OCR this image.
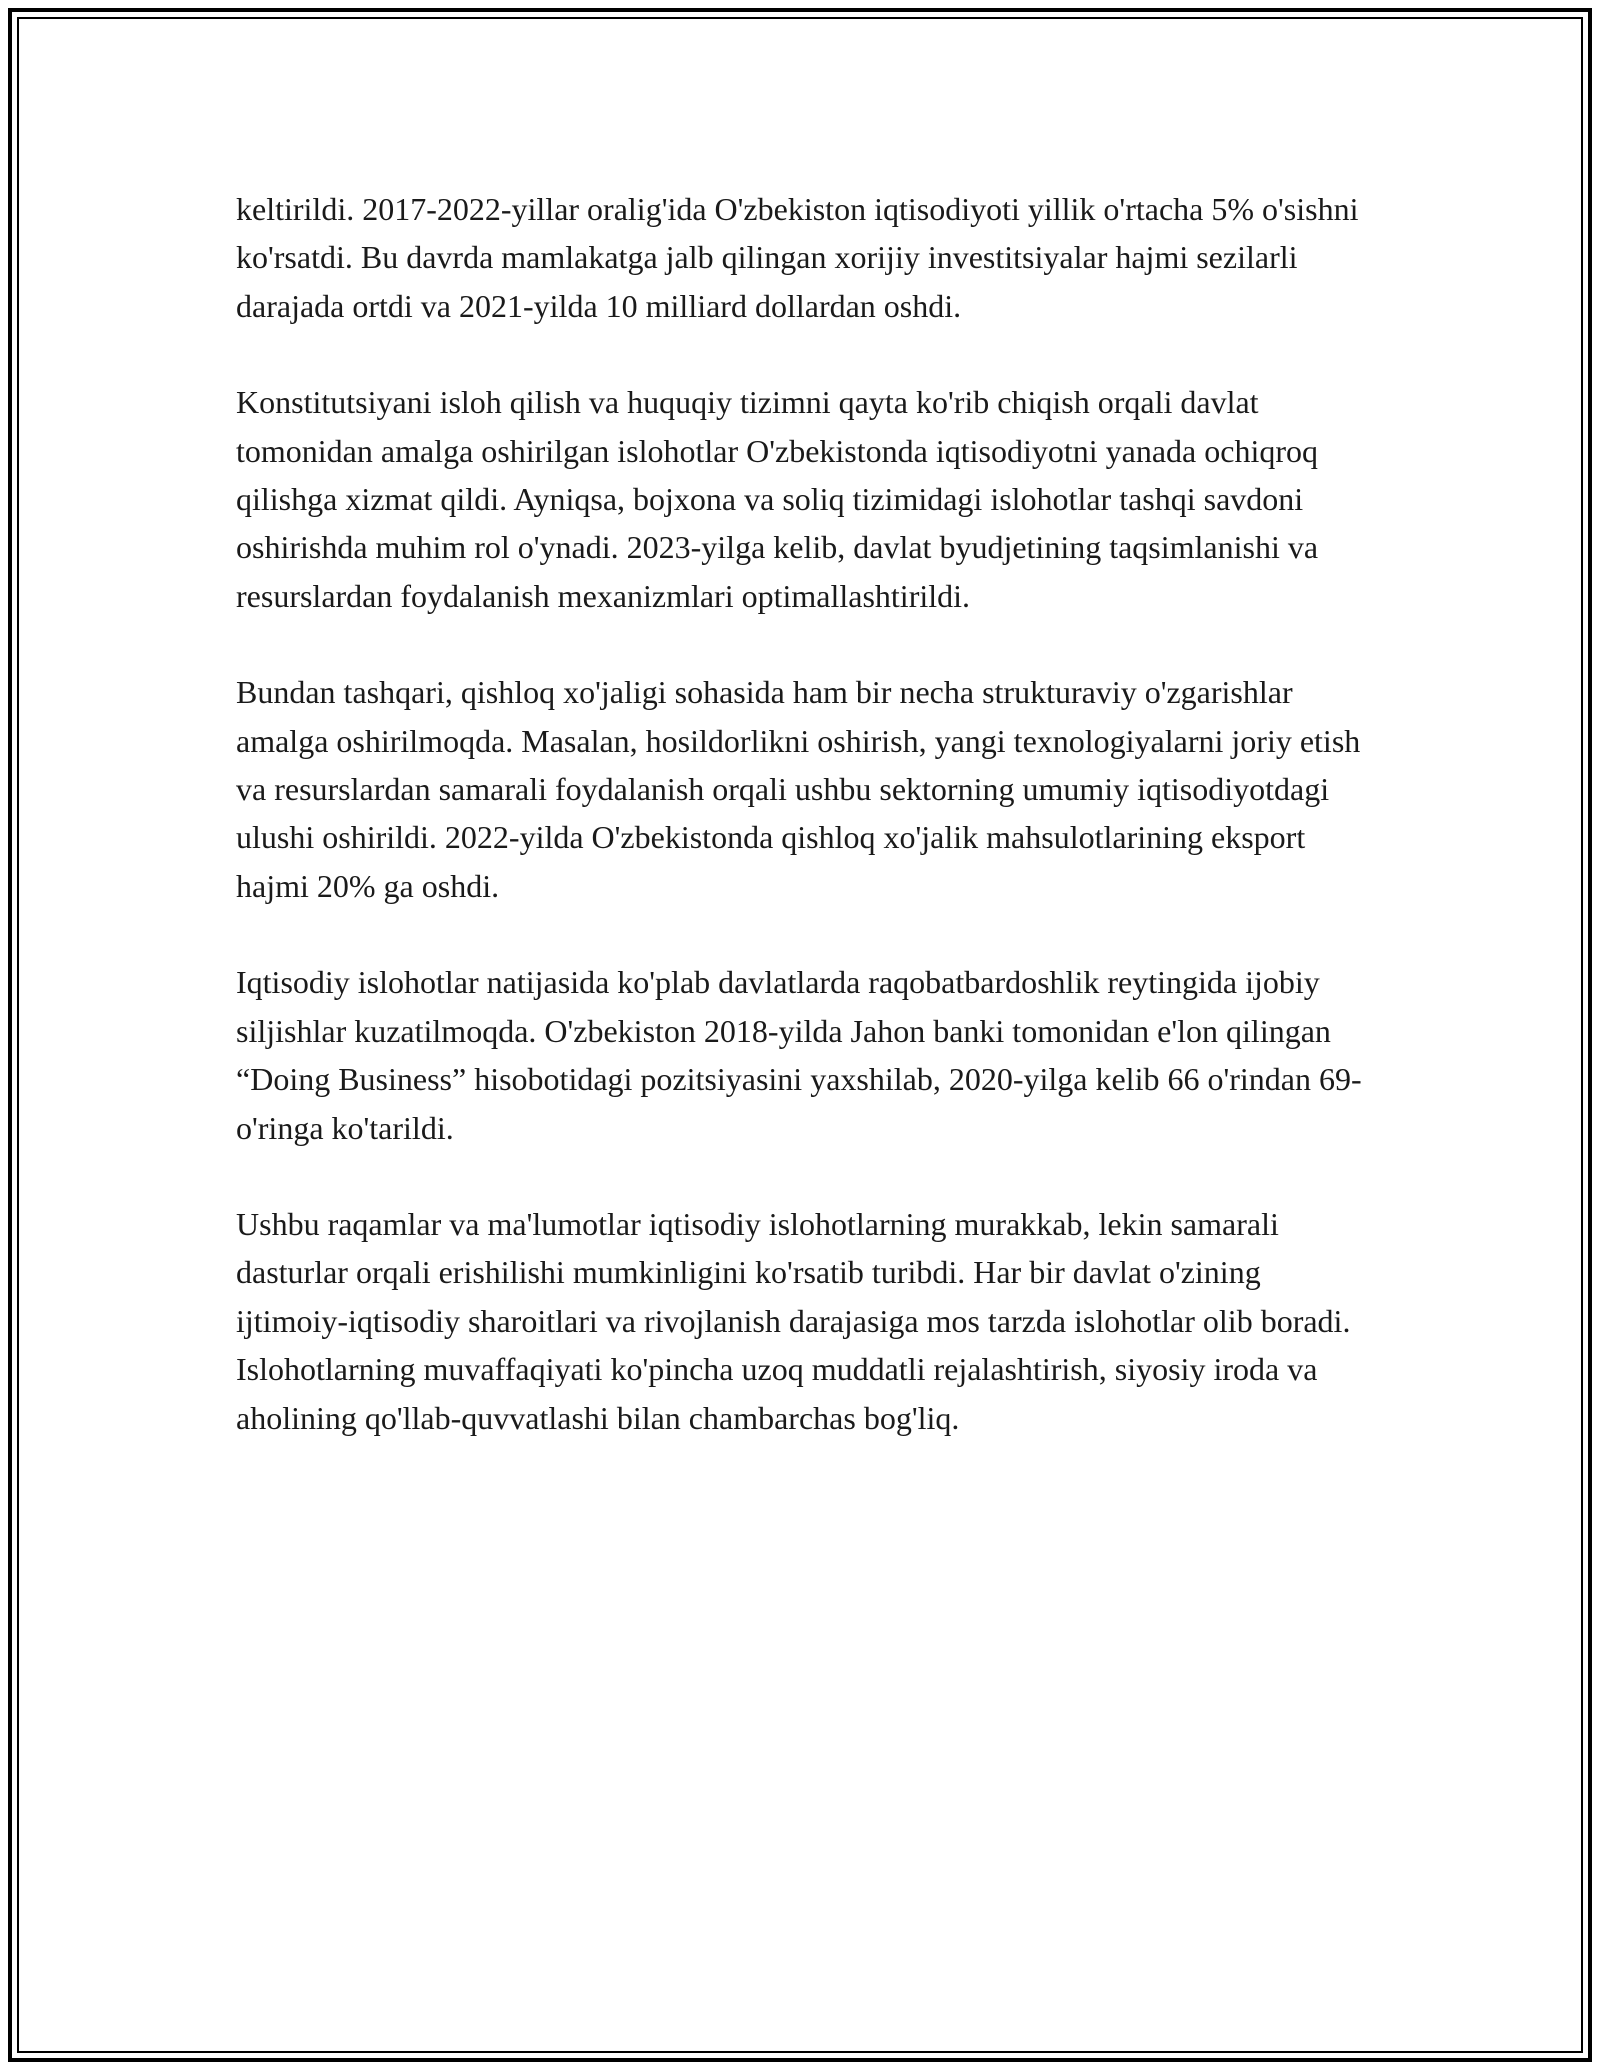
keltirildi. 2017-2022-yillar oralig'ida O'zbekiston iqtisodiyoti yillik o'rtacha 5% o'sishni ko'rsatdi. Bu davrda mamlakatga jalb qilingan xorijiy investitsiyalar hajmi sezilarli darajada ortdi va 2021-yilda 10 milliard dollardan oshdi.

Konstitutsiyani isloh qilish va huquqiy tizimni qayta ko'rib chiqish orqali davlat tomonidan amalga oshirilgan islohotlar O'zbekistonda iqtisodiyotni yanada ochiqroq qilishga xizmat qildi. Ayniqsa, bojxona va soliq tizimidagi islohotlar tashqi savdoni oshirishda muhim rol o'ynadi. 2023-yilga kelib, davlat byudjetining taqsimlanishi va resurslardan foydalanish mexanizmlari optimallashtirildi.

Bundan tashqari, qishloq xo'jaligi sohasida ham bir necha strukturaviy o'zgarishlar amalga oshirilmoqda. Masalan, hosildorlikni oshirish, yangi texnologiyalarni joriy etish va resurslardan samarali foydalanish orqali ushbu sektorning umumiy iqtisodiyotdagi ulushi oshirildi. 2022-yilda O'zbekistonda qishloq xo'jalik mahsulotlarining eksport hajmi 20% ga oshdi.

Iqtisodiy islohotlar natijasida ko'plab davlatlarda raqobatbardoshlik reytingida ijobiy siljishlar kuzatilmoqda. O'zbekiston 2018-yilda Jahon banki tomonidan e'lon qilingan “Doing Business” hisobotidagi pozitsiyasini yaxshilab, 2020-yilga kelib 66 o'rindan 69-o'ringa ko'tarildi.

Ushbu raqamlar va ma'lumotlar iqtisodiy islohotlarning murakkab, lekin samarali dasturlar orqali erishilishi mumkinligini ko'rsatib turibdi. Har bir davlat o'zining ijtimoiy-iqtisodiy sharoitlari va rivojlanish darajasiga mos tarzda islohotlar olib boradi. Islohotlarning muvaffaqiyati ko'pincha uzoq muddatli rejalashtirish, siyosiy iroda va aholining qo'llab-quvvatlashi bilan chambarchas bog'liq.
